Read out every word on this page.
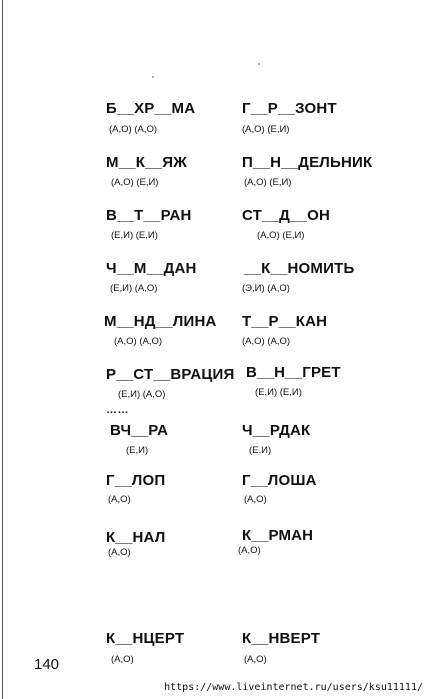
Б__ХР__МА
(А,О) (А,О)
Г__Р__ЗОНТ
(А,О) (Е,И)
М__К__ЯЖ
(А,О) (Е,И)
П__Н__ДЕЛЬНИК
(А,О) (Е,И)
В__Т__РАН
(Е,И) (Е,И)
СТ__Д__ОН
(А,О) (Е,И)
Ч__М__ДАН
(Е,И) (А,О)
__К__НОМИТЬ
(Э,И) (А,О)
М__НД__ЛИНА
(А,О) (А,О)
Т__Р__КАН
(А,О) (А,О)
Р__СТ__ВРАЦИЯ
(Е,И) (А,О)
В__Н__ГРЕТ
(Е,И) (Е,И)
……
ВЧ__РА
(Е,И)
Ч__РДАК
(Е,И)
Г__ЛОП
(А,О)
Г__ЛОША
(А,О)
К__НАЛ
(А,О)
К__РМАН
(А,О)
К__НЦЕРТ
(А,О)
К__НВЕРТ
(А,О)
140
https://www.liveinternet.ru/users/ksu11111/
